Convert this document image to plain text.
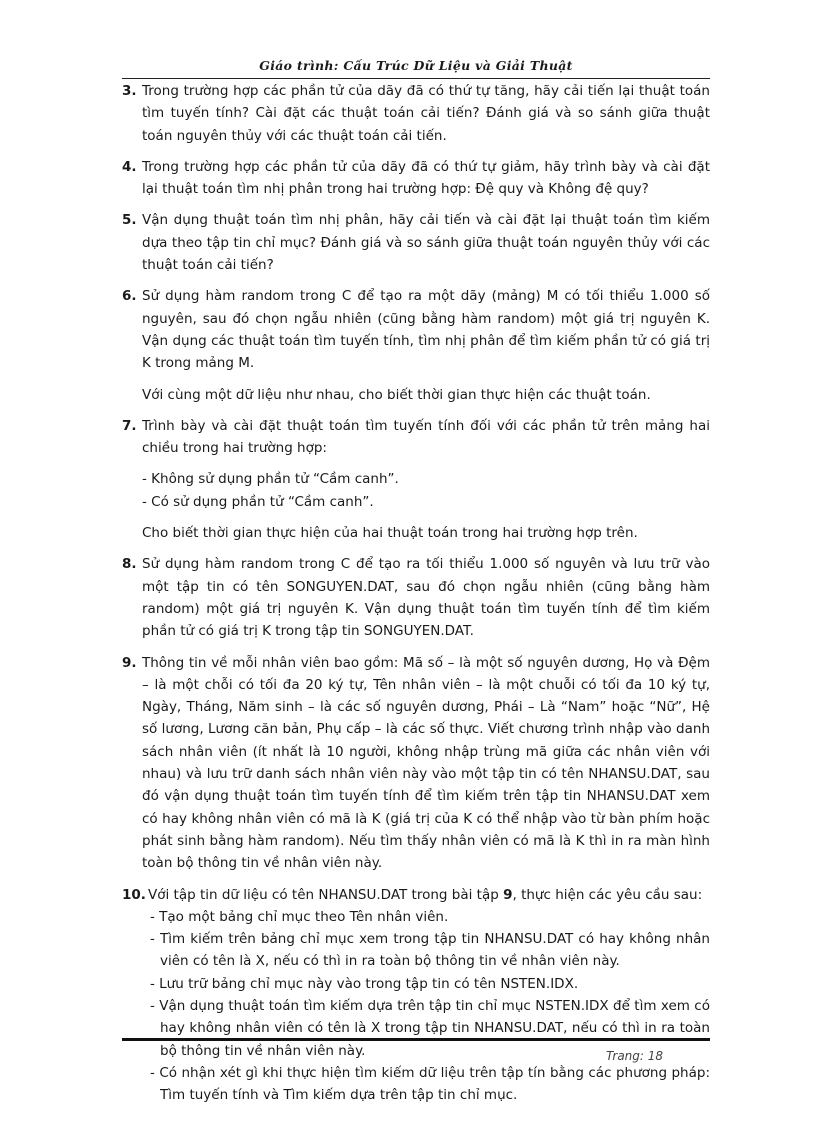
Giáo trình: Cấu Trúc Dữ Liệu và Giải Thuật
3. Trong trường hợp các phần tử của dãy đã có thứ tự tăng, hãy cải tiến lại thuật toán tìm tuyến tính? Cài đặt các thuật toán cải tiến? Đánh giá và so sánh giữa thuật toán nguyên thủy với các thuật toán cải tiến.

4. Trong trường hợp các phần tử của dãy đã có thứ tự giảm, hãy trình bày và cài đặt lại thuật toán tìm nhị phân trong hai trường hợp: Đệ quy và Không đệ quy?

5. Vận dụng thuật toán tìm nhị phân, hãy cải tiến và cài đặt lại thuật toán tìm kiếm dựa theo tập tin chỉ mục? Đánh giá và so sánh giữa thuật toán nguyên thủy với các thuật toán cải tiến?

6. Sử dụng hàm random trong C để tạo ra một dãy (mảng) M có tối thiểu 1.000 số nguyên, sau đó chọn ngẫu nhiên (cũng bằng hàm random) một giá trị nguyên K. Vận dụng các thuật toán tìm tuyến tính, tìm nhị phân để tìm kiếm phần tử có giá trị K trong mảng M.

Với cùng một dữ liệu như nhau, cho biết thời gian thực hiện các thuật toán.

7. Trình bày và cài đặt thuật toán tìm tuyến tính đối với các phần tử trên mảng hai chiều trong hai trường hợp:

- Không sử dụng phần tử “Cầm canh”.
- Có sử dụng phần tử “Cầm canh”.

Cho biết thời gian thực hiện của hai thuật toán trong hai trường hợp trên.

8. Sử dụng hàm random trong C để tạo ra tối thiểu 1.000 số nguyên và lưu trữ vào một tập tin có tên SONGUYEN.DAT, sau đó chọn ngẫu nhiên (cũng bằng hàm random) một giá trị nguyên K. Vận dụng thuật toán tìm tuyến tính để tìm kiếm phần tử có giá trị K trong tập tin SONGUYEN.DAT.

9. Thông tin về mỗi nhân viên bao gồm: Mã số – là một số nguyên dương, Họ và Đệm – là một chỗi có tối đa 20 ký tự, Tên nhân viên – là một chuỗi có tối đa 10 ký tự, Ngày, Tháng, Năm sinh – là các số nguyên dương, Phái – Là “Nam” hoặc “Nữ”, Hệ số lương, Lương căn bản, Phụ cấp – là các số thực. Viết chương trình nhập vào danh sách nhân viên (ít nhất là 10 người, không nhập trùng mã giữa các nhân viên với nhau) và lưu trữ danh sách nhân viên này vào một tập tin có tên NHANSU.DAT, sau đó vận dụng thuật toán tìm tuyến tính để tìm kiếm trên tập tin NHANSU.DAT xem có hay không nhân viên có mã là K (giá trị của K có thể nhập vào từ bàn phím hoặc phát sinh bằng hàm random). Nếu tìm thấy nhân viên có mã là K thì in ra màn hình toàn bộ thông tin về nhân viên này.

10. Với tập tin dữ liệu có tên NHANSU.DAT trong bài tập 9, thực hiện các yêu cầu sau:

- Tạo một bảng chỉ mục theo Tên nhân viên.
- Tìm kiếm trên bảng chỉ mục xem trong tập tin NHANSU.DAT có hay không nhân viên có tên là X, nếu có thì in ra toàn bộ thông tin về nhân viên này.
- Lưu trữ bảng chỉ mục này vào trong tập tin có tên NSTEN.IDX.
- Vận dụng thuật toán tìm kiếm dựa trên tập tin chỉ mục NSTEN.IDX để tìm xem có hay không nhân viên có tên là X trong tập tin NHANSU.DAT, nếu có thì in ra toàn bộ thông tin về nhân viên này.
- Có nhận xét gì khi thực hiện tìm kiếm dữ liệu trên tập tín bằng các phương pháp: Tìm tuyến tính và Tìm kiếm dựa trên tập tin chỉ mục.
Trang: 18
